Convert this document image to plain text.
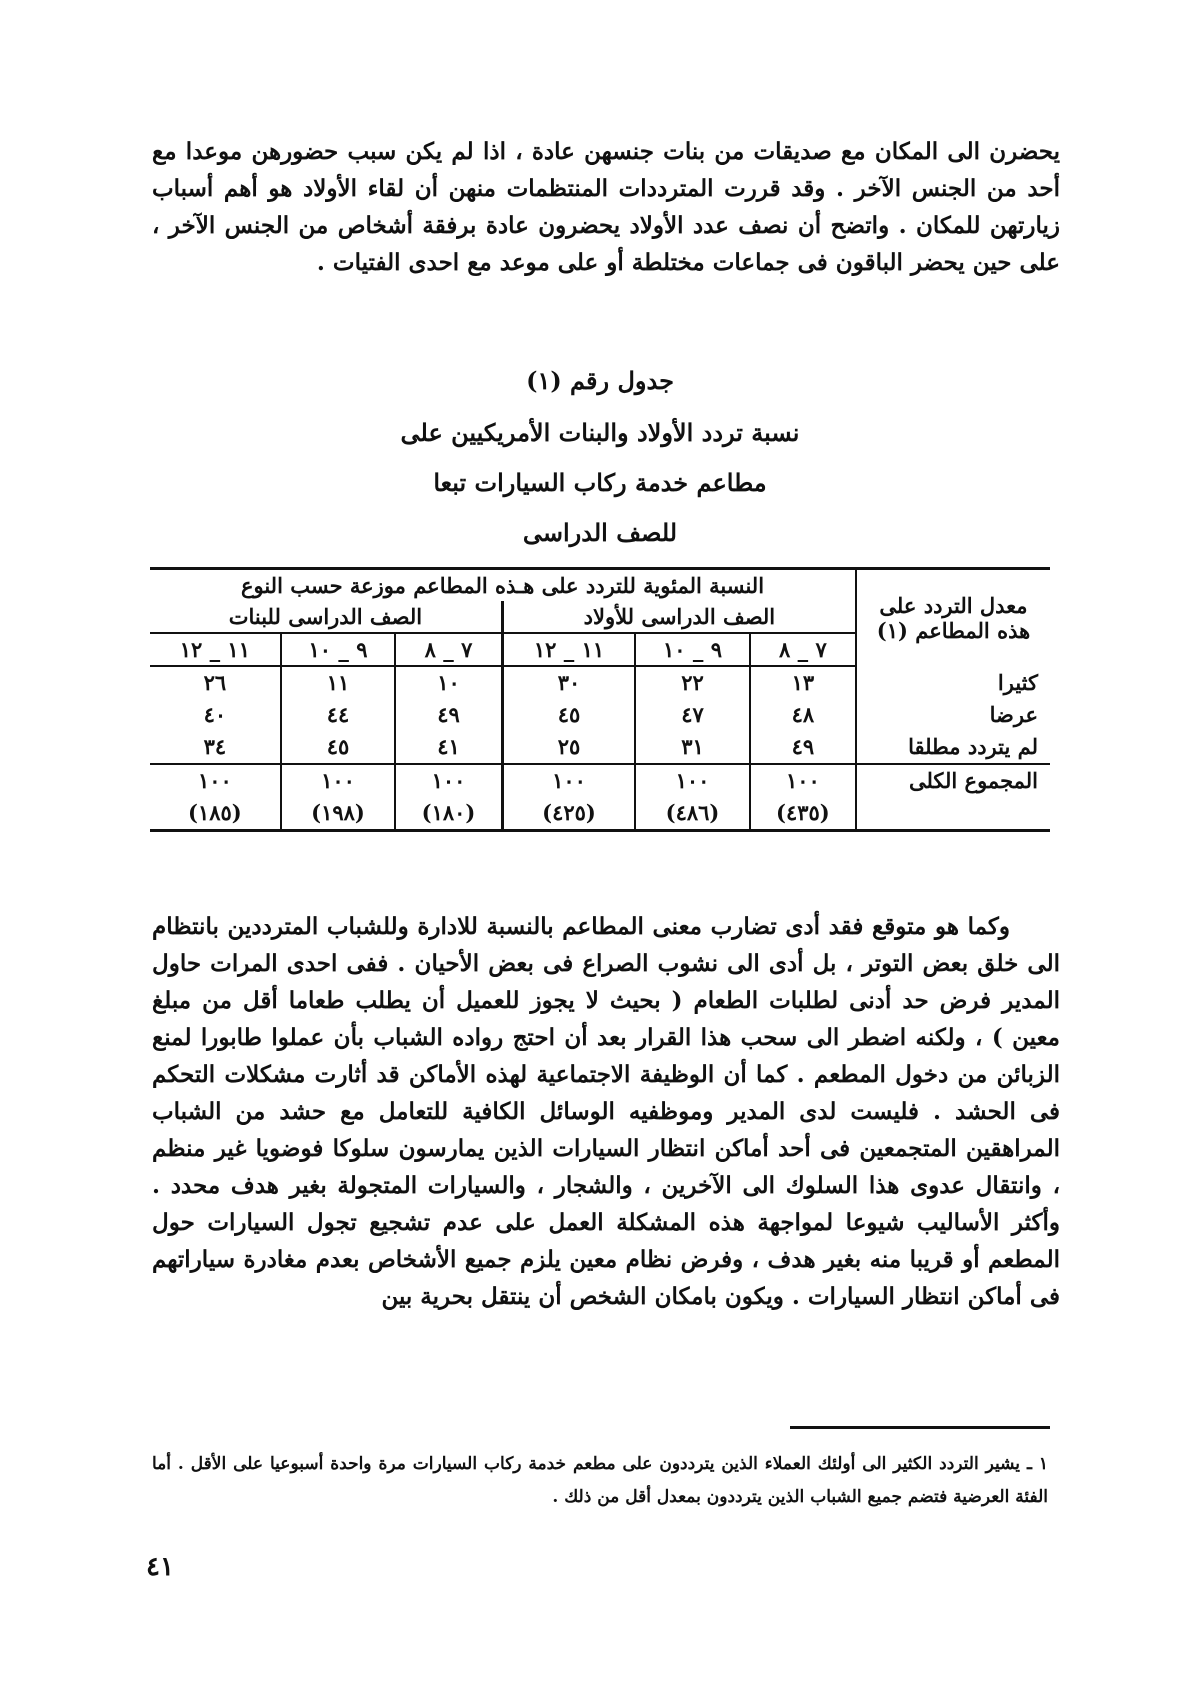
يحضرن الى المكان مع صديقات من بنات جنسهن عادة ، اذا لم يكن سبب حضورهن موعدا مع أحد من الجنس الآخر . وقد قررت المترددات المنتظمات منهن أن لقاء الأولاد هو أهم أسباب زيارتهن للمكان . واتضح أن نصف عدد الأولاد يحضرون عادة برفقة أشخاص من الجنس الآخر ، على حين يحضر الباقون فى جماعات مختلطة أو على موعد مع احدى الفتيات .

جدول رقم (١)

نسبة تردد الأولاد والبنات الأمريكيين على

مطاعم خدمة ركاب السيارات تبعا

للصف الدراسى

معدل التردد على هذه المطاعم (١)	النسبة المئوية للتردد على هـذه المطاعم موزعة حسب النوع					
	الصف الدراسى للأولاد			الصف الدراسى للبنات		
	٧ _ ٨	٩ _ ١٠	١١ _ ١٢	٧ _ ٨	٩ _ ١٠	١١ _ ١٢
كثيرا	١٣	٢٢	٣٠	١٠	١١	٢٦
عرضا	٤٨	٤٧	٤٥	٤٩	٤٤	٤٠
لم يتردد مطلقا	٤٩	٣١	٢٥	٤١	٤٥	٣٤
المجموع الكلى	١٠٠	١٠٠	١٠٠	١٠٠	١٠٠	١٠٠
	(٤٣٥)	(٤٨٦)	(٤٢٥)	(١٨٠)	(١٩٨)	(١٨٥)

وكما هو متوقع فقد أدى تضارب معنى المطاعم بالنسبة للادارة وللشباب المترددين بانتظام الى خلق بعض التوتر ، بل أدى الى نشوب الصراع فى بعض الأحيان . ففى احدى المرات حاول المدير فرض حد أدنى لطلبات الطعام ( بحيث لا يجوز للعميل أن يطلب طعاما أقل من مبلغ معين ) ، ولكنه اضطر الى سحب هذا القرار بعد أن احتج رواده الشباب بأن عملوا طابورا لمنع الزبائن من دخول المطعم . كما أن الوظيفة الاجتماعية لهذه الأماكن قد أثارت مشكلات التحكم فى الحشد . فليست لدى المدير وموظفيه الوسائل الكافية للتعامل مع حشد من الشباب المراهقين المتجمعين فى أحد أماكن انتظار السيارات الذين يمارسون سلوكا فوضويا غير منظم ، وانتقال عدوى هذا السلوك الى الآخرين ، والشجار ، والسيارات المتجولة بغير هدف محدد . وأكثر الأساليب شيوعا لمواجهة هذه المشكلة العمل على عدم تشجيع تجول السيارات حول المطعم أو قريبا منه بغير هدف ، وفرض نظام معين يلزم جميع الأشخاص بعدم مغادرة سياراتهم فى أماكن انتظار السيارات . ويكون بامكان الشخص أن ينتقل بحرية بين

١ ـ يشير التردد الكثير الى أولئك العملاء الذين يترددون على مطعم خدمة ركاب السيارات مرة واحدة أسبوعيا على الأقل . أما الفئة العرضية فتضم جميع الشباب الذين يترددون بمعدل أقل من ذلك .

٤١
